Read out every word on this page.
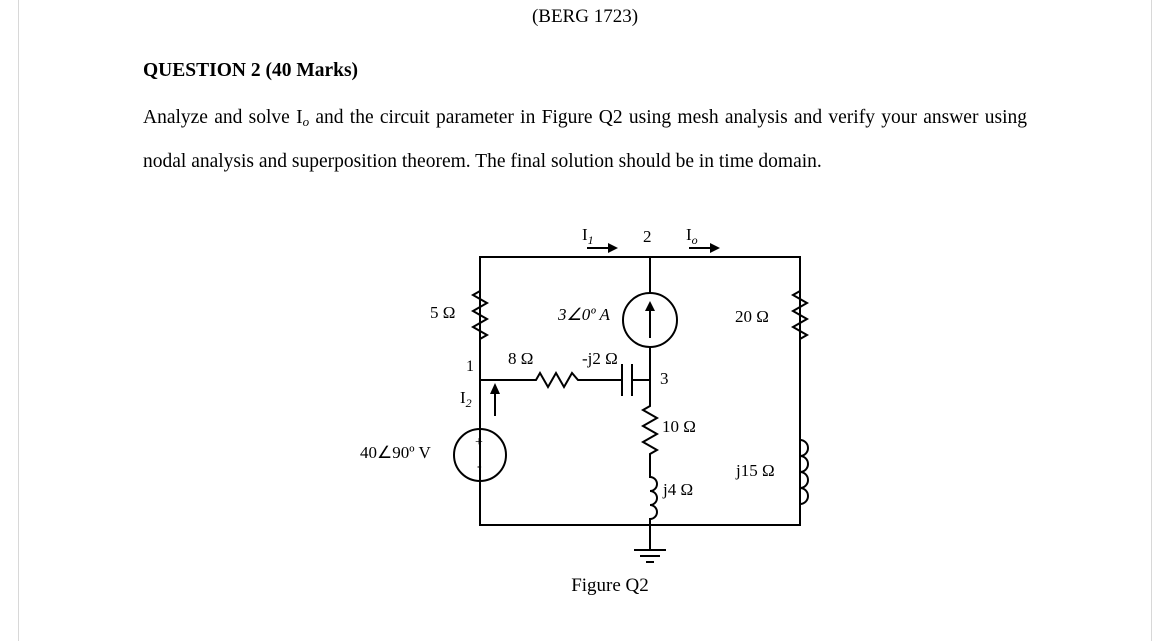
(BERG 1723)
QUESTION 2 (40 Marks)
Analyze and solve $I_o$ and the circuit parameter in Figure Q2 using mesh analysis and verify your answer using nodal analysis and superposition theorem. The final solution should be in time domain.
$I_1$	2 $I_o$
5 Ω	3∠0º A	20 Ω
1 8 Ω	-j2 Ω
3
$I_2$
10 Ω
40∠90º V
+
-	j15 Ω
j4 Ω
Figure Q2
